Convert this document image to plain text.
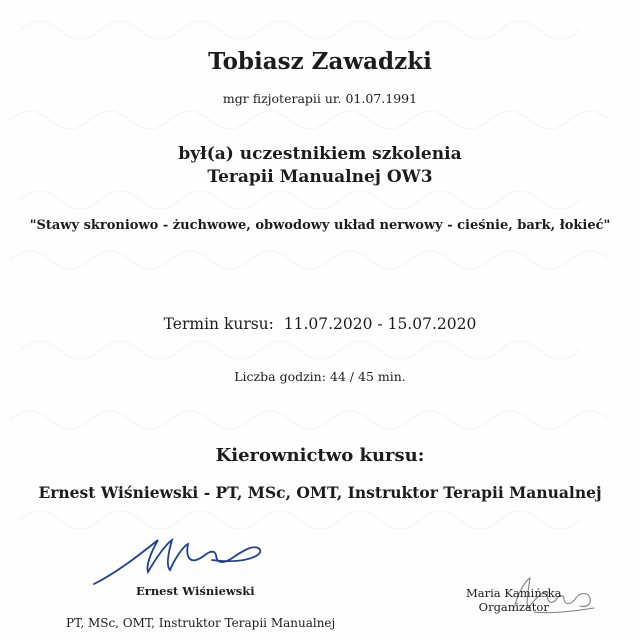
Tobiasz Zawadzki
mgr fizjoterapii ur. 01.07.1991
był(a) uczestnikiem szkolenia
Terapii Manualnej OW3
"Stawy skroniowo - żuchwowe, obwodowy układ nerwowy - cieśnie, bark, łokieć"
Termin kursu: 11.07.2020 - 15.07.2020
Liczba godzin: 44 / 45 min.
Kierownictwo kursu:
Ernest Wiśniewski - PT, MSc, OMT, Instruktor Terapii Manualnej
Ernest Wiśniewski
PT, MSc, OMT, Instruktor Terapii Manualnej
Maria Kamińska
Organizator
